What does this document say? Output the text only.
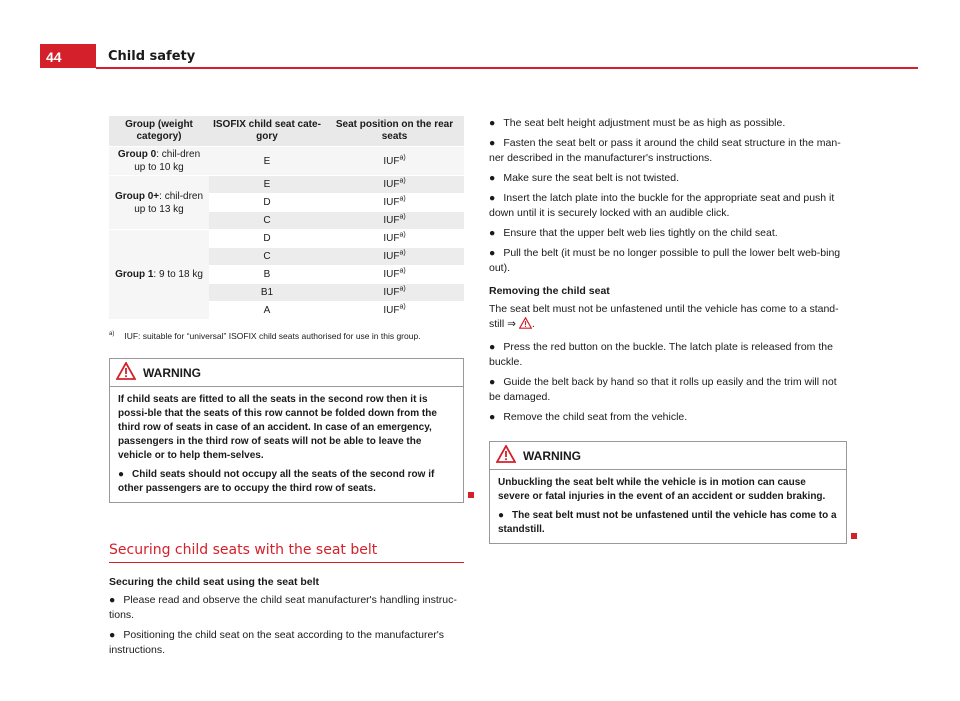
44	Child safety
Group (weight category)	ISOFIX child seat cate-gory	Seat position on the rear seats
Group 0: chil-dren up to 10 kg	E	IUF$^{a)}$
Group 0+: chil-dren up to 13 kg	E	IUF$^{a)}$
	D	IUF$^{a)}$
	C	IUF$^{a)}$
Group 1: 9 to 18 kg	D	IUF$^{a)}$
	C	IUF$^{a)}$
	B	IUF$^{a)}$
	B1	IUF$^{a)}$
	A	IUF$^{a)}$
$^{a)}$ IUF: suitable for “universal” ISOFIX child seats authorised for use in this group.
WARNING

If child seats are fitted to all the seats in the second row then it is possi-ble that the seats of this row cannot be folded down from the third row of seats in case of an accident. In case of an emergency, passengers in the third row of seats will not be able to leave the vehicle or to help them-selves.

● Child seats should not occupy all the seats of the second row if other passengers are to occupy the third row of seats.

Securing child seats with the seat belt
Securing the child seat using the seat belt

● Please read and observe the child seat manufacturer's handling instruc-tions.

● Positioning the child seat on the seat according to the manufacturer's instructions.

● The seat belt height adjustment must be as high as possible.

● Fasten the seat belt or pass it around the child seat structure in the man-ner described in the manufacturer's instructions.

● Make sure the seat belt is not twisted.

● Insert the latch plate into the buckle for the appropriate seat and push it down until it is securely locked with an audible click.

● Ensure that the upper belt web lies tightly on the child seat.

● Pull the belt (it must be no longer possible to pull the lower belt web-bing out).

Removing the child seat

The seat belt must not be unfastened until the vehicle has come to a stand-still ⇒ .

● Press the red button on the buckle. The latch plate is released from the buckle.

● Guide the belt back by hand so that it rolls up easily and the trim will not be damaged.

● Remove the child seat from the vehicle.

WARNING

Unbuckling the seat belt while the vehicle is in motion can cause severe or fatal injuries in the event of an accident or sudden braking.

● The seat belt must not be unfastened until the vehicle has come to a standstill.
